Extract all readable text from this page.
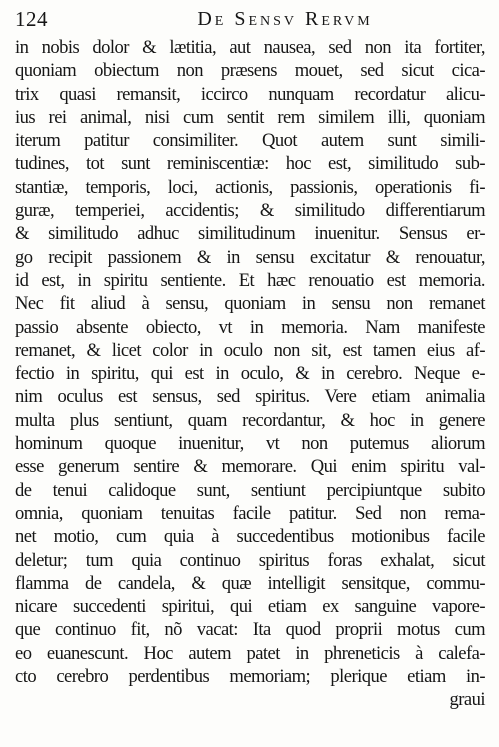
124	De Sensv Rervm
in nobis dolor & lætitia, aut nausea, sed non ita fortiter,
quoniam obiectum non præsens mouet, sed sicut cica-
trix quasi remansit, iccirco nunquam recordatur alicu-
ius rei animal, nisi cum sentit rem similem illi, quoniam
iterum patitur consimiliter. Quot autem sunt simili-
tudines, tot sunt reminiscentiæ: hoc est, similitudo sub-
stantiæ, temporis, loci, actionis, passionis, operationis fi-
guræ, temperiei, accidentis; & similitudo differentiarum
& similitudo adhuc similitudinum inuenitur. Sensus er-
go recipit passionem & in sensu excitatur & renouatur,
id est, in spiritu sentiente. Et hæc renouatio est memoria.
Nec fit aliud à sensu, quoniam in sensu non remanet
passio absente obiecto, vt in memoria. Nam manifeste
remanet, & licet color in oculo non sit, est tamen eius af-
fectio in spiritu, qui est in oculo, & in cerebro. Neque e-
nim oculus est sensus, sed spiritus. Vere etiam animalia
multa plus sentiunt, quam recordantur, & hoc in genere
hominum quoque inuenitur, vt non putemus aliorum
esse generum sentire & memorare. Qui enim spiritu val-
de tenui calidoque sunt, sentiunt percipiuntque subito
omnia, quoniam tenuitas facile patitur. Sed non rema-
net motio, cum quia à succedentibus motionibus facile
deletur; tum quia continuo spiritus foras exhalat, sicut
flamma de candela, & quæ intelligit sensitque, commu-
nicare succedenti spiritui, qui etiam ex sanguine vapore-
que continuo fit, nõ vacat: Ita quod proprii motus cum
eo euanescunt. Hoc autem patet in phreneticis à calefa-
cto cerebro perdentibus memoriam; plerique etiam in-
graui
